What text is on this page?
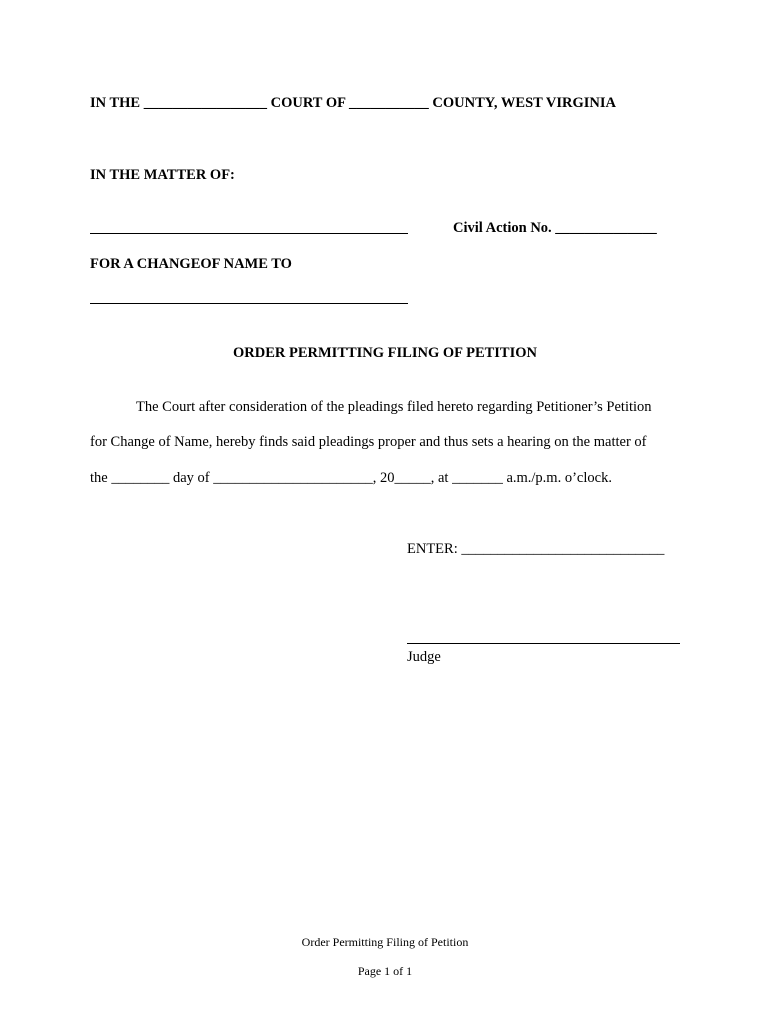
IN THE _________________ COURT OF ___________ COUNTY, WEST VIRGINIA
IN THE MATTER OF:
Civil Action No. ______________
FOR A CHANGEOF NAME TO
ORDER PERMITTING FILING OF PETITION
The Court after consideration of the pleadings filed hereto regarding Petitioner’s Petition
for Change of Name, hereby finds said pleadings proper and thus sets a hearing on the matter of
the ________ day of ______________________, 20_____, at _______ a.m./p.m. o’clock.
ENTER: ____________________________
Judge
Order Permitting Filing of Petition
Page 1 of 1
